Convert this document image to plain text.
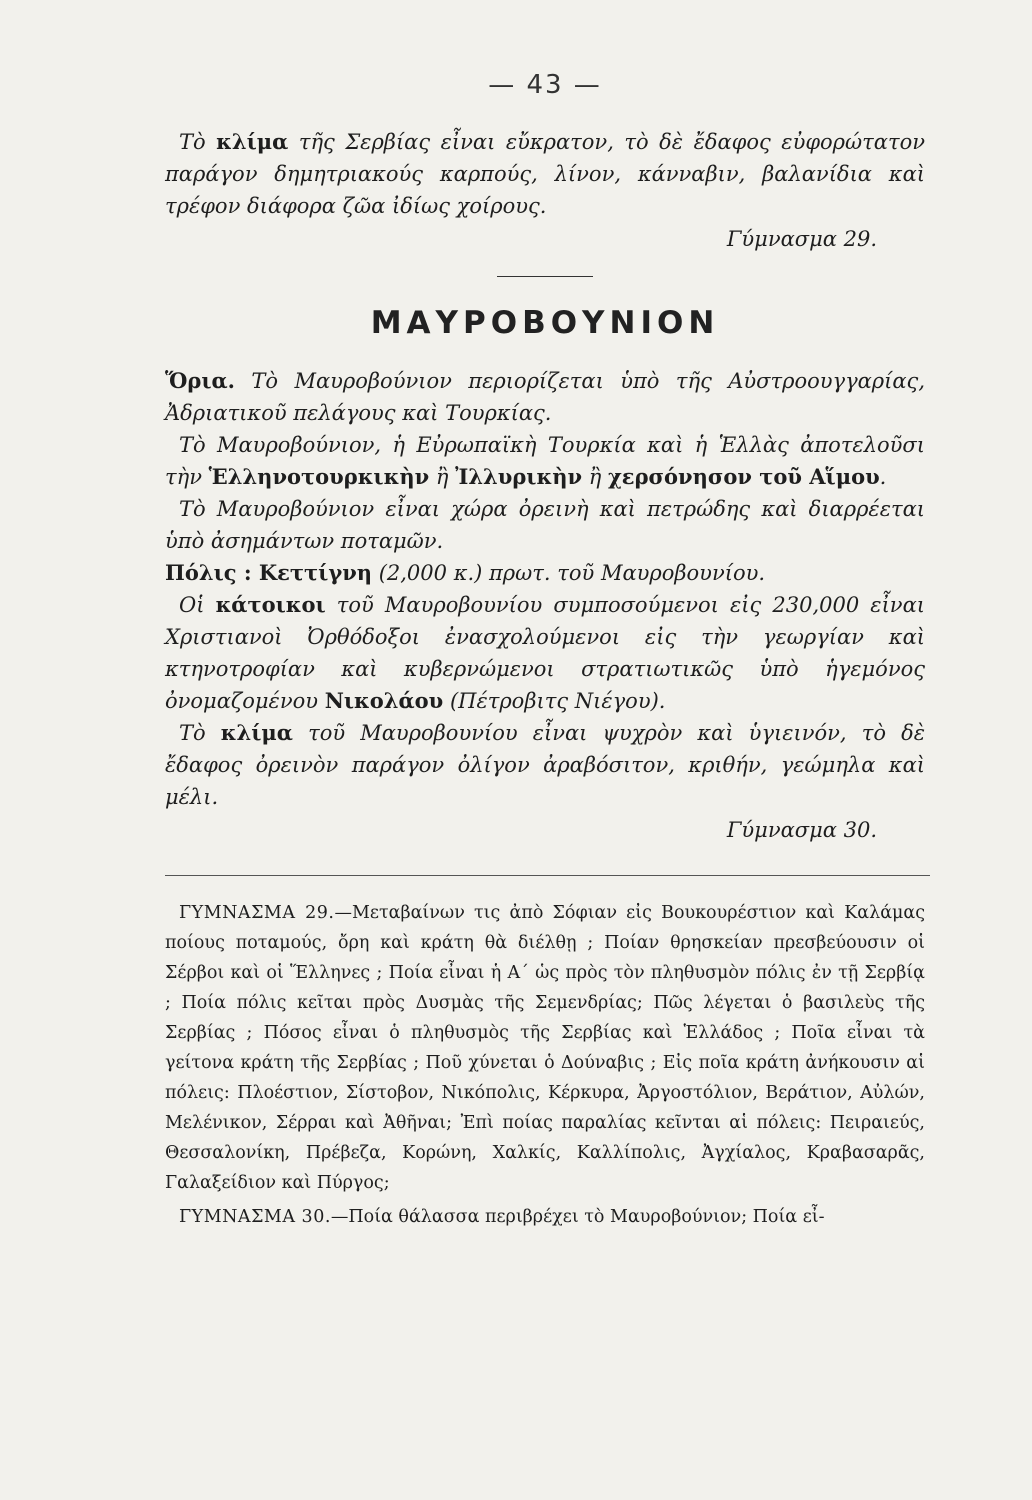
— 43 —

Τὸ κλίμα τῆς Σερβίας εἶναι εὔκρατον, τὸ δὲ ἔδαφος εὐφορώτατον παράγον δημητριακούς καρπούς, λίνον, κάνναβιν, βαλανίδια καὶ τρέφον διάφορα ζῶα ἰδίως χοίρους.

Γύμνασμα 29.

ΜΑΥΡΟΒΟΥΝΙΟΝ

Ὅρια. Τὸ Μαυροβούνιον περιορίζεται ὑπὸ τῆς Αὐστροουγγαρίας, Ἀδριατικοῦ πελάγους καὶ Τουρκίας.

Τὸ Μαυροβούνιον, ἡ Εὐρωπαϊκὴ Τουρκία καὶ ἡ Ἑλλὰς ἀποτελοῦσι τὴν Ἑλληνοτουρκικὴν ἢ Ἰλλυρικὴν ἢ χερσόνησον τοῦ Αἵμου.

Τὸ Μαυροβούνιον εἶναι χώρα ὀρεινὴ καὶ πετρώδης καὶ διαρρέεται ὑπὸ ἀσημάντων ποταμῶν.

Πόλις : Κεττίγνη (2,000 κ.) πρωτ. τοῦ Μαυροβουνίου.

Οἱ κάτοικοι τοῦ Μαυροβουνίου συμποσούμενοι εἰς 230,000 εἶναι Χριστιανοὶ Ὀρθόδοξοι ἐνασχολούμενοι εἰς τὴν γεωργίαν καὶ κτηνοτροφίαν καὶ κυβερνώμενοι στρατιωτικῶς ὑπὸ ἡγεμόνος ὀνομαζομένου Νικολάου (Πέτροβιτς Νιέγου).

Τὸ κλίμα τοῦ Μαυροβουνίου εἶναι ψυχρὸν καὶ ὑγιεινόν, τὸ δὲ ἔδαφος ὀρεινὸν παράγον ὀλίγον ἀραβόσιτον, κριθήν, γεώμηλα καὶ μέλι.

Γύμνασμα 30.

ΓΥΜΝΑΣΜΑ 29.—Μεταβαίνων τις ἀπὸ Σόφιαν εἰς Βουκουρέστιον καὶ Καλάμας ποίους ποταμούς, ὄρη καὶ κράτη θὰ διέλθῃ ; Ποίαν θρησκείαν πρεσβεύουσιν οἱ Σέρβοι καὶ οἱ Ἕλληνες ; Ποία εἶναι ἡ Α΄ ὡς πρὸς τὸν πληθυσμὸν πόλις ἐν τῇ Σερβίᾳ ; Ποία πόλις κεῖται πρὸς Δυσμὰς τῆς Σεμενδρίας; Πῶς λέγεται ὁ βασιλεὺς τῆς Σερβίας ; Πόσος εἶναι ὁ πληθυσμὸς τῆς Σερβίας καὶ Ἑλλάδος ; Ποῖα εἶναι τὰ γείτονα κράτη τῆς Σερβίας ; Ποῦ χύνεται ὁ Δούναβις ; Εἰς ποῖα κράτη ἀνήκουσιν αἱ πόλεις: Πλοέστιον, Σίστοβον, Νικόπολις, Κέρκυρα, Ἀργοστόλιον, Βεράτιον, Αὐλών, Μελένικον, Σέρραι καὶ Ἀθῆναι; Ἐπὶ ποίας παραλίας κεῖνται αἱ πόλεις: Πειραιεύς, Θεσσαλονίκη, Πρέβεζα, Κορώνη, Χαλκίς, Καλλίπολις, Ἀγχίαλος, Κραβασαρᾶς, Γαλαξείδιον καὶ Πύργος;

ΓΥΜΝΑΣΜΑ 30.—Ποία θάλασσα περιβρέχει τὸ Μαυροβούνιον; Ποία εἶ-
